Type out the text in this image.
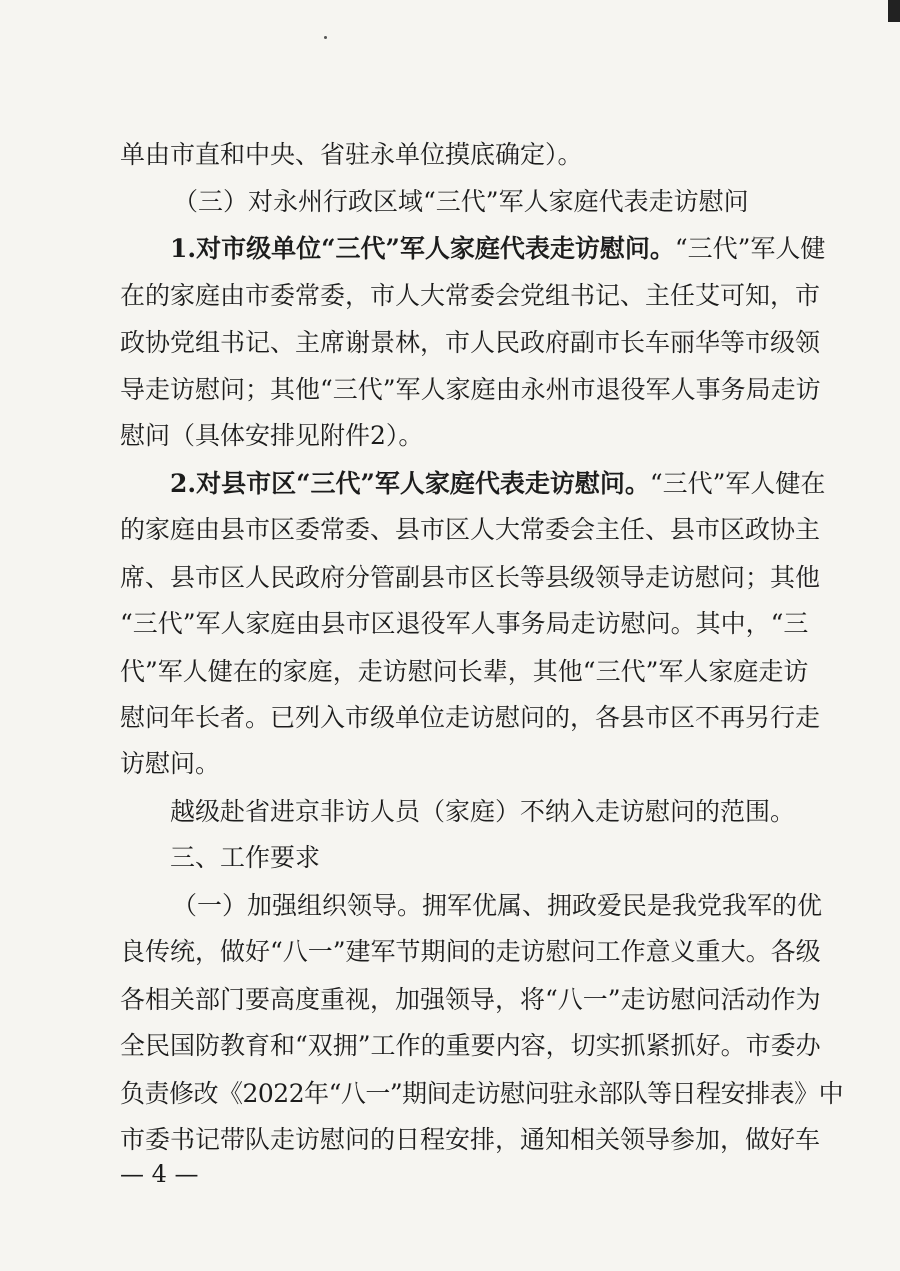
单由市直和中央、省驻永单位摸底确定）。
（三）对永州行政区域“三代”军人家庭代表走访慰问
1.对市级单位“三代”军人家庭代表走访慰问。“三代”军人健
在的家庭由市委常委，市人大常委会党组书记、主任艾可知，市
政协党组书记、主席谢景林，市人民政府副市长车丽华等市级领
导走访慰问；其他“三代”军人家庭由永州市退役军人事务局走访
慰问（具体安排见附件2）。
2.对县市区“三代”军人家庭代表走访慰问。“三代”军人健在
的家庭由县市区委常委、县市区人大常委会主任、县市区政协主
席、县市区人民政府分管副县市区长等县级领导走访慰问；其他
“三代”军人家庭由县市区退役军人事务局走访慰问。其中，“三
代”军人健在的家庭，走访慰问长辈，其他“三代”军人家庭走访
慰问年长者。已列入市级单位走访慰问的，各县市区不再另行走
访慰问。
越级赴省进京非访人员（家庭）不纳入走访慰问的范围。
三、工作要求
（一）加强组织领导。拥军优属、拥政爱民是我党我军的优
良传统，做好“八一”建军节期间的走访慰问工作意义重大。各级
各相关部门要高度重视，加强领导，将“八一”走访慰问活动作为
全民国防教育和“双拥”工作的重要内容，切实抓紧抓好。市委办
负责修改《2022年“八一”期间走访慰问驻永部队等日程安排表》中
市委书记带队走访慰问的日程安排，通知相关领导参加，做好车
— 4 —
